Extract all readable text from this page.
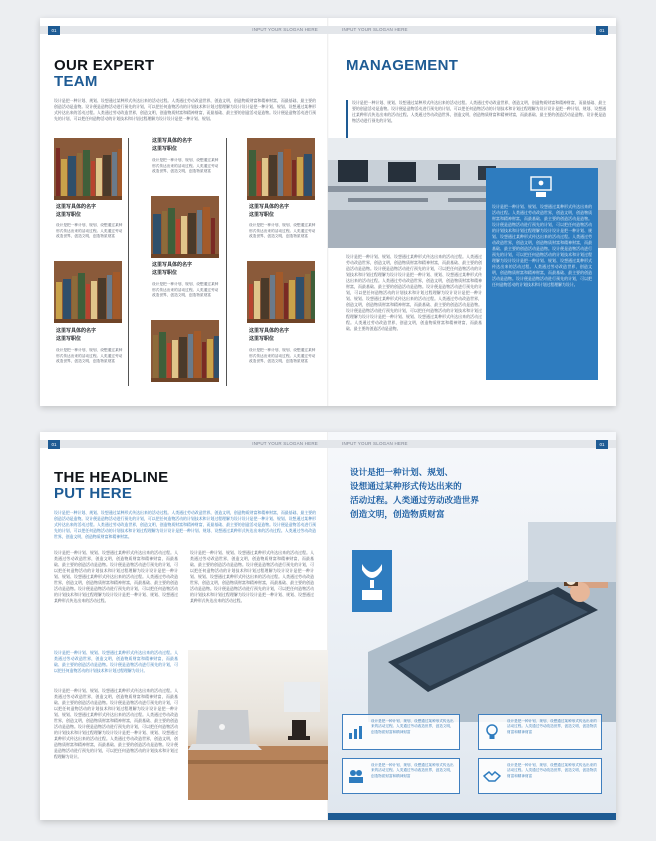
01	INPUT YOUR SLOGAN HERE
OUR EXPERT
TEAM
设计是把一种计划、规划、设想通过某种形式传达出来的活动过程。人类通过劳动改造世界，创造文明，创造物质财富和精神财富，而最基础、最主要的创造活动是造物。设计便是造物活动进行预先的计划，可以把任何造物活动的计划技术和计划过程理解为设计设计是把一种计划、规划、设想通过某种形式传达出来的活动过程。人类通过劳动改造世界，创造文明，创造物质财富和精神财富，而最基础、最主要的创造活动是造物。设计便是造物活动进行预先的计划，可以把任何造物活动的计划技术和计划过程理解为设计设计是把一种计划、规划。
这里写具体的名字
这里写职位
设计是把一种计划、规划、设想通过某种形式传达出来的活动过程。人类通过劳动改造世界，创造文明，创造物质财富
这里写具体的名字
这里写职位
设计是把一种计划、规划、设想通过某种形式传达出来的活动过程。人类通过劳动改造世界，创造文明，创造物质财富
这里写具体的名字
这里写职位
设计是把一种计划、规划、设想通过某种形式传达出来的活动过程。人类通过劳动改造世界，创造文明，创造物质财富
这里写具体的名字
这里写职位
设计是把一种计划、规划、设想通过某种形式传达出来的活动过程。人类通过劳动改造世界，创造文明，创造物质财富
这里写具体的名字
这里写职位
设计是把一种计划、规划、设想通过某种形式传达出来的活动过程。人类通过劳动改造世界，创造文明，创造物质财富
这里写具体的名字
这里写职位
设计是把一种计划、规划、设想通过某种形式传达出来的活动过程。人类通过劳动改造世界，创造文明，创造物质财富
01
INPUT YOUR SLOGAN HERE
MANAGEMENT
设计是把一种计划、规划、设想通过某种形式传达出来的活动过程。人类通过劳动改造世界，创造文明，创造物质财富和精神财富，而最基础、最主要的创造活动是造物。设计便是造物活动进行预先的计划，可以把任何造物活动的计划技术和计划过程理解为设计设计是把一种计划、规划、设想通过某种形式传达出来的活动过程。人类通过劳动改造世界，创造文明，创造物质财富和精神财富，而最基础、最主要的创造活动是造物。设计便是造物活动进行预先的计划。
设计是把一种计划、规划、设想通过某种形式传达出来的活动过程。人类通过劳动改造世界，创造文明，创造物质财富和精神财富，而最基础、最主要的创造活动是造物。设计便是造物活动进行预先的计划，可以把任何造物活动的计划技术和计划过程理解为设计设计是把一种计划、规划、设想通过某种形式传达出来的活动过程。人类通过劳动改造世界，创造文明，创造物质财富和精神财富，而最基础、最主要的创造活动是造物。设计便是造物活动进行预先的计划，可以把任何造物活动的计划技术和计划过程理解为设计设计是把一种计划、规划、设想通过某种形式传达出来的活动过程。人类通过劳动改造世界，创造文明，创造物质财富和精神财富，而最基础、最主要的创造活动是造物。设计便是造物活动进行预先的计划，可以把任何造物活动的计划技术和计划过程理解为设计。
设计是把一种计划、规划、设想通过某种形式传达出来的活动过程。人类通过劳动改造世界，创造文明，创造物质财富和精神财富，而最基础、最主要的创造活动是造物。设计便是造物活动进行预先的计划，可以把任何造物活动的计划技术和计划过程理解为设计设计是把一种计划、规划、设想通过某种形式传达出来的活动过程。人类通过劳动改造世界，创造文明，创造物质财富和精神财富，而最基础、最主要的创造活动是造物。设计便是造物活动进行预先的计划，可以把任何造物活动的计划技术和计划过程理解为设计设计是把一种计划、规划、设想通过某种形式传达出来的活动过程。人类通过劳动改造世界，创造文明，创造物质财富和精神财富，而最基础、最主要的创造活动是造物。设计便是造物活动进行预先的计划，可以把任何造物活动的计划技术和计划过程理解为设计设计是把一种计划、规划、设想通过某种形式传达出来的活动过程。人类通过劳动改造世界，创造文明，创造物质财富和精神财富，而最基础、最主要的创造活动是造物。
01	INPUT YOUR SLOGAN HERE
THE HEADLINE
PUT HERE
设计是把一种计划、规划、设想通过某种形式传达出来的活动过程。人类通过劳动改造世界，创造文明，创造物质财富和精神财富，而最基础、最主要的创造活动是造物。设计便是造物活动进行预先的计划，可以把任何造物活动的计划技术和计划过程理解为设计设计是把一种计划、规划、设想通过某种形式传达出来的活动过程。人类通过劳动改造世界，创造文明，创造物质财富和精神财富，而最基础、最主要的创造活动是造物。设计便是造物活动进行预先的计划，可以把任何造物活动的计划技术和计划过程理解为设计设计是把一种计划、规划、设想通过某种形式传达出来的活动过程。人类通过劳动改造世界，创造文明，创造物质财富和精神财富。
设计是把一种计划、规划、设想通过某种形式传达出来的活动过程。人类通过劳动改造世界，创造文明，创造物质财富和精神财富，而最基础、最主要的创造活动是造物。设计便是造物活动进行预先的计划，可以把任何造物活动的计划技术和计划过程理解为设计设计是把一种计划、规划、设想通过某种形式传达出来的活动过程。人类通过劳动改造世界，创造文明，创造物质财富和精神财富，而最基础、最主要的创造活动是造物。设计便是造物活动进行预先的计划，可以把任何造物活动的计划技术和计划过程理解为设计设计是把一种计划、规划、设想通过某种形式传达出来的活动过程。
设计是把一种计划、规划、设想通过某种形式传达出来的活动过程。人类通过劳动改造世界，创造文明，创造物质财富和精神财富，而最基础、最主要的创造活动是造物。设计便是造物活动进行预先的计划，可以把任何造物活动的计划技术和计划过程理解为设计设计是把一种计划、规划、设想通过某种形式传达出来的活动过程。人类通过劳动改造世界，创造文明，创造物质财富和精神财富，而最基础、最主要的创造活动是造物。设计便是造物活动进行预先的计划，可以把任何造物活动的计划技术和计划过程理解为设计设计是把一种计划、规划、设想通过某种形式传达出来的活动过程。
设计是把一种计划、规划、设想通过某种形式传达出来的活动过程。人类通过劳动改造世界，创造文明，创造物质财富和精神财富，而最基础、最主要的创造活动是造物。设计便是造物活动进行预先的计划，可以把任何造物活动的计划技术和计划过程理解为设计。
设计是把一种计划、规划、设想通过某种形式传达出来的活动过程。人类通过劳动改造世界，创造文明，创造物质财富和精神财富，而最基础、最主要的创造活动是造物。设计便是造物活动进行预先的计划，可以把任何造物活动的计划技术和计划过程理解为设计设计是把一种计划、规划、设想通过某种形式传达出来的活动过程。人类通过劳动改造世界，创造文明，创造物质财富和精神财富，而最基础、最主要的创造活动是造物。设计便是造物活动进行预先的计划，可以把任何造物活动的计划技术和计划过程理解为设计设计是把一种计划、规划、设想通过某种形式传达出来的活动过程。人类通过劳动改造世界，创造文明，创造物质财富和精神财富，而最基础、最主要的创造活动是造物。设计便是造物活动进行预先的计划，可以把任何造物活动的计划技术和计划过程理解为设计。
01
INPUT YOUR SLOGAN HERE
设计是把一种计划、规划、
设想通过某种形式传达出来的
活动过程。人类通过劳动改造世界
创造文明，创造物质财富
设计是把一种计划、规划、设想通过某种形式传达出来的活动过程。人类通过劳动改造世界，创造文明，创造物质财富和精神财富
设计是把一种计划、规划、设想通过某种形式传达出来的活动过程。人类通过劳动改造世界，创造文明，创造物质财富和精神财富
设计是把一种计划、规划、设想通过某种形式传达出来的活动过程。人类通过劳动改造世界，创造文明，创造物质财富和精神财富
设计是把一种计划、规划、设想通过某种形式传达出来的活动过程。人类通过劳动改造世界，创造文明，创造物质财富和精神财富
